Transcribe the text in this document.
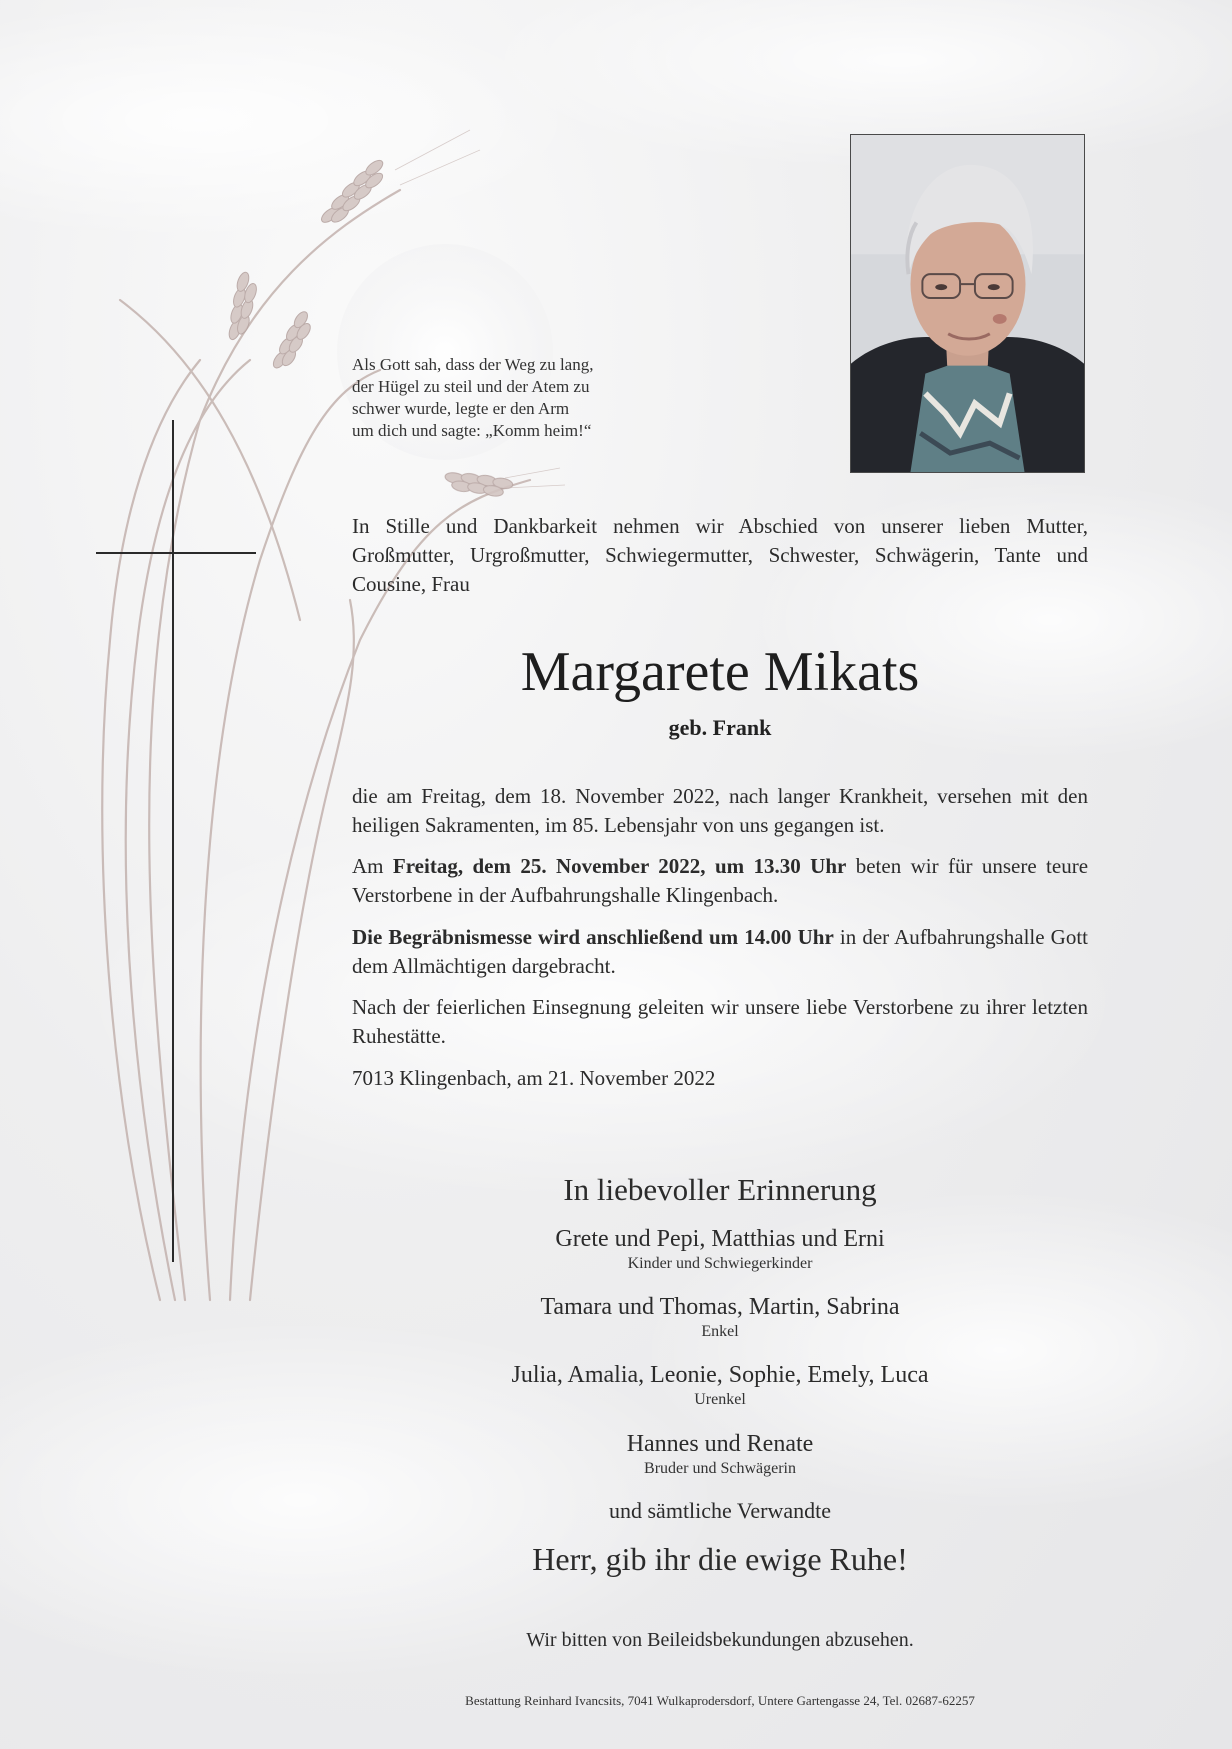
Als Gott sah, dass der Weg zu lang,
der Hügel zu steil und der Atem zu
schwer wurde, legte er den Arm
um dich und sagte: „Komm heim!“
In Stille und Dankbarkeit nehmen wir Abschied von unserer lieben Mutter, Großmutter, Urgroßmutter, Schwiegermutter, Schwester, Schwägerin, Tante und Cousine, Frau
Margarete Mikats
geb. Frank
die am Freitag, dem 18. November 2022, nach langer Krankheit, versehen mit den heiligen Sakramenten, im 85. Lebensjahr von uns gegangen ist.
Am Freitag, dem 25. November 2022, um 13.30 Uhr beten wir für unsere teure Verstorbene in der Aufbahrungshalle Klingenbach.
Die Begräbnismesse wird anschließend um 14.00 Uhr in der Aufbahrungshalle Gott dem Allmächtigen dargebracht.
Nach der feierlichen Einsegnung geleiten wir unsere liebe Verstorbene zu ihrer letzten Ruhestätte.
7013 Klingenbach, am 21. November 2022
In liebevoller Erinnerung
Grete und Pepi, Matthias und Erni
Kinder und Schwiegerkinder
Tamara und Thomas, Martin, Sabrina
Enkel
Julia, Amalia, Leonie, Sophie, Emely, Luca
Urenkel
Hannes und Renate
Bruder und Schwägerin
und sämtliche Verwandte
Herr, gib ihr die ewige Ruhe!
Wir bitten von Beileidsbekundungen abzusehen.
Bestattung Reinhard Ivancsits, 7041 Wulkaprodersdorf, Untere Gartengasse 24, Tel. 02687-62257
